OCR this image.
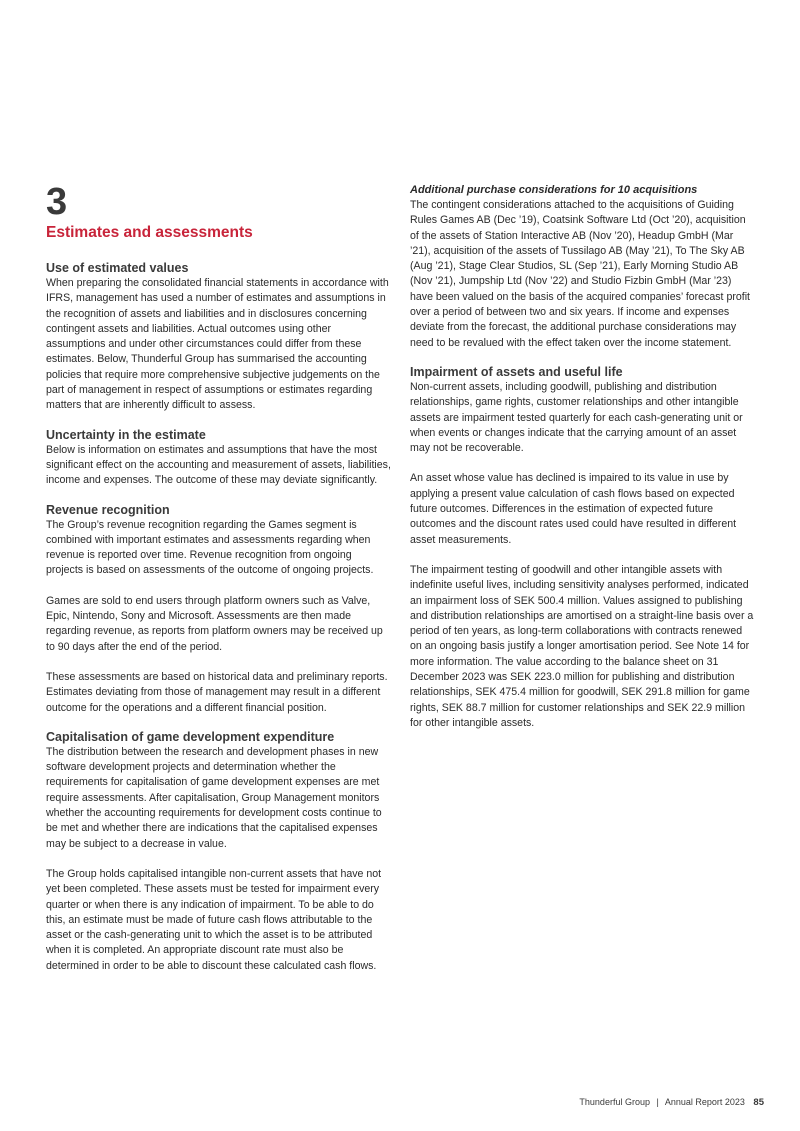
3
Estimates and assessments
Use of estimated values

When preparing the consolidated financial statements in accordance with IFRS, management has used a number of estimates and assumptions in the recognition of assets and liabilities and in disclosures concerning contingent assets and liabilities. Actual outcomes using other assumptions and under other circumstances could differ from these estimates. Below, Thunderful Group has summarised the accounting policies that require more comprehensive subjective judgements on the part of management in respect of assumptions or estimates regarding matters that are inherently difficult to assess.

Uncertainty in the estimate

Below is information on estimates and assumptions that have the most significant effect on the accounting and measurement of assets, liabilities, income and expenses. The outcome of these may deviate significantly.

Revenue recognition

The Group’s revenue recognition regarding the Games segment is combined with important estimates and assessments regarding when revenue is reported over time. Revenue recognition from ongoing projects is based on assessments of the outcome of ongoing projects.

Games are sold to end users through platform owners such as Valve, Epic, Nintendo, Sony and Microsoft. Assessments are then made regarding revenue, as reports from platform owners may be received up to 90 days after the end of the period.

These assessments are based on historical data and preliminary reports. Estimates deviating from those of management may result in a different outcome for the operations and a different financial position.

Capitalisation of game development expenditure

The distribution between the research and development phases in new software development projects and determination whether the requirements for capitalisation of game development expenses are met require assessments. After capitalisation, Group Management monitors whether the accounting requirements for development costs continue to be met and whether there are indications that the capitalised expenses may be subject to a decrease in value.

The Group holds capitalised intangible non-current assets that have not yet been completed. These assets must be tested for impairment every quarter or when there is any indication of impairment. To be able to do this, an estimate must be made of future cash flows attributable to the asset or the cash-generating unit to which the asset is to be attributed when it is completed. An appropriate discount rate must also be determined in order to be able to discount these calculated cash flows.

Additional purchase considerations for 10 acquisitions

The contingent considerations attached to the acquisitions of Guiding Rules Games AB (Dec ’19), Coatsink Software Ltd (Oct ’20), acquisition of the assets of Station Interactive AB (Nov ’20), Headup GmbH (Mar ’21), acquisition of the assets of Tussilago AB (May ’21), To The Sky AB (Aug ’21), Stage Clear Studios, SL (Sep ’21), Early Morning Studio AB (Nov ’21), Jumpship Ltd (Nov ’22) and Studio Fizbin GmbH (Mar ’23) have been valued on the basis of the acquired companies’ forecast profit over a period of between two and six years. If income and expenses deviate from the forecast, the additional purchase considerations may need to be revalued with the effect taken over the income statement.

Impairment of assets and useful life

Non-current assets, including goodwill, publishing and distribution relationships, game rights, customer relationships and other intangible assets are impairment tested quarterly for each cash-generating unit or when events or changes indicate that the carrying amount of an asset may not be recoverable.

An asset whose value has declined is impaired to its value in use by applying a present value calculation of cash flows based on expected future outcomes. Differences in the estimation of expected future outcomes and the discount rates used could have resulted in different asset measurements.

The impairment testing of goodwill and other intangible assets with indefinite useful lives, including sensitivity analyses performed, indicated an impairment loss of SEK 500.4 million. Values assigned to publishing and distribution relationships are amortised on a straight-line basis over a period of ten years, as long-term collaborations with contracts renewed on an ongoing basis justify a longer amortisation period. See Note 14 for more information. The value according to the balance sheet on 31 December 2023 was SEK 223.0 million for publishing and distribution relationships, SEK 475.4 million for goodwill, SEK 291.8 million for game rights, SEK 88.7 million for customer relationships and SEK 22.9 million for other intangible assets.

Thunderful Group | Annual Report 2023 85
